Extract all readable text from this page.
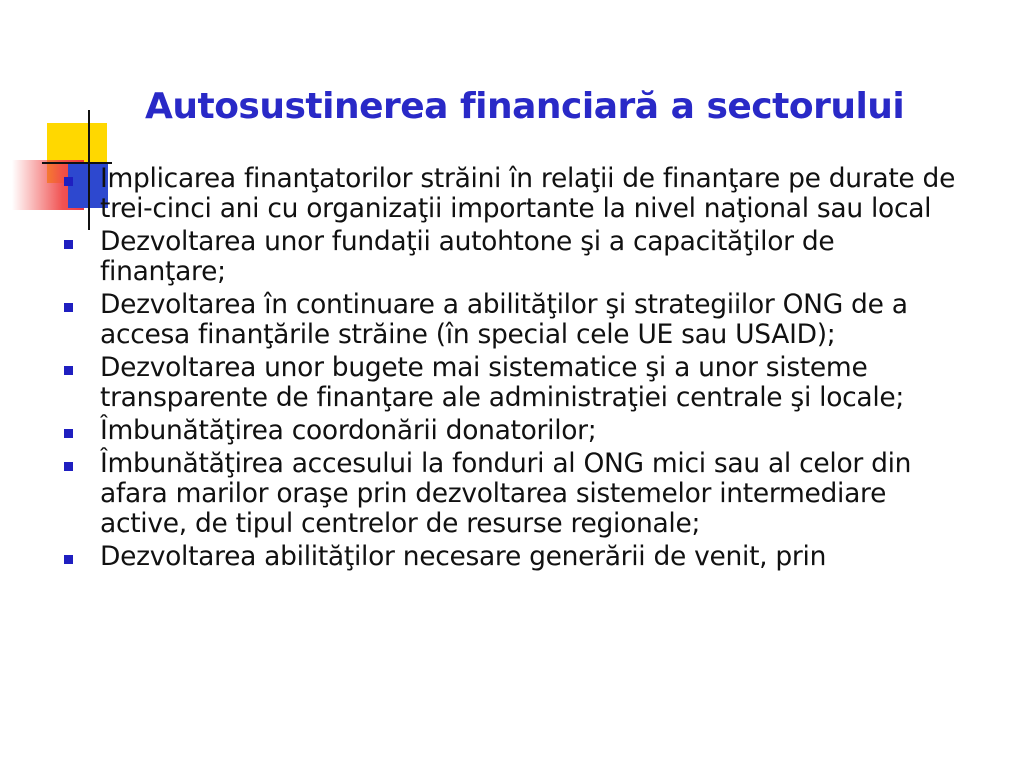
Autosustinerea financiară a sectorului
Implicarea finanţatorilor străini în relaţii de finanţare pe durate de trei-cinci ani cu organizaţii importante la nivel naţional sau local
Dezvoltarea unor fundaţii autohtone şi a capacităţilor de finanţare;
Dezvoltarea în continuare a abilităţilor şi strategiilor ONG de a accesa finanţările străine (în special cele UE sau USAID);
Dezvoltarea unor bugete mai sistematice şi a unor sisteme transparente de finanţare ale administraţiei centrale şi locale;
Îmbunătăţirea coordonării donatorilor;
Îmbunătăţirea accesului la fonduri al ONG mici sau al celor din afara marilor oraşe prin dezvoltarea sistemelor intermediare active, de tipul centrelor de resurse regionale;
Dezvoltarea abilităţilor necesare generării de venit, prin
